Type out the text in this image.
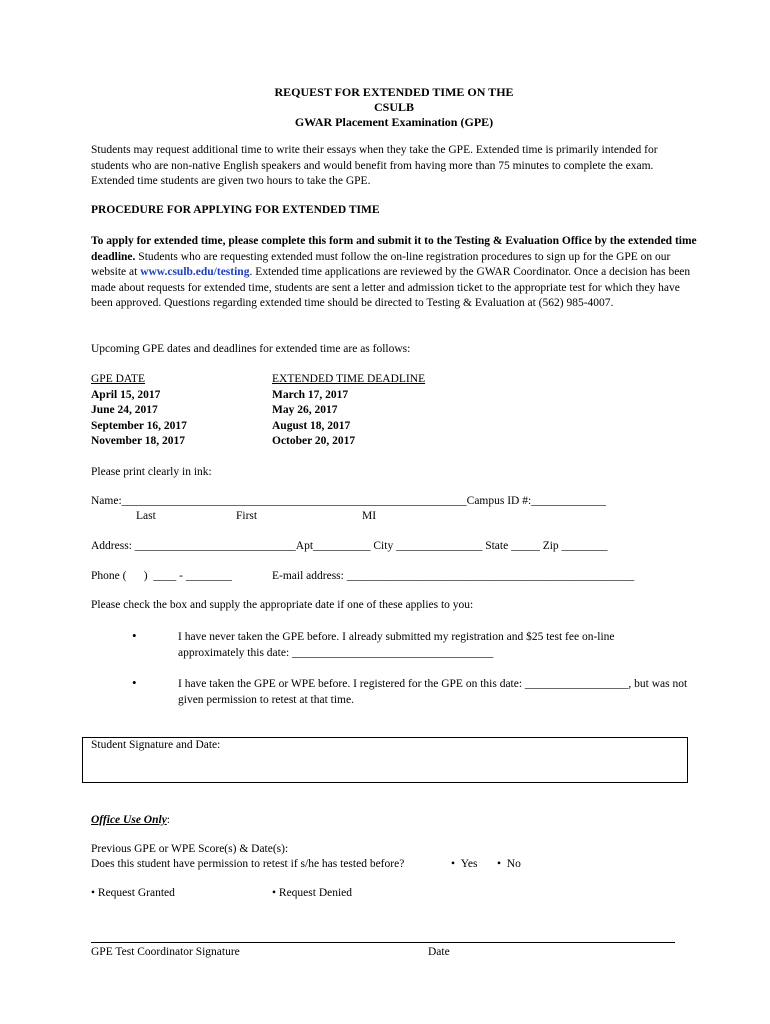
REQUEST FOR EXTENDED TIME ON THE
CSULB
GWAR Placement Examination (GPE)
Students may request additional time to write their essays when they take the GPE. Extended time is primarily intended for students who are non-native English speakers and would benefit from having more than 75 minutes to complete the exam. Extended time students are given two hours to take the GPE.
PROCEDURE FOR APPLYING FOR EXTENDED TIME
To apply for extended time, please complete this form and submit it to the Testing & Evaluation Office by the extended time deadline. Students who are requesting extended must follow the on-line registration procedures to sign up for the GPE on our website at www.csulb.edu/testing. Extended time applications are reviewed by the GWAR Coordinator. Once a decision has been made about requests for extended time, students are sent a letter and admission ticket to the appropriate test for which they have been approved. Questions regarding extended time should be directed to Testing & Evaluation at (562) 985-4007.
Upcoming GPE dates and deadlines for extended time are as follows:
GPE DATE	EXTENDED TIME DEADLINE
April 15, 2017	March 17, 2017
June 24, 2017	May 26, 2017
September 16, 2017	August 18, 2017
November 18, 2017	October 20, 2017
Please print clearly in ink:
Name:____________________________________________________________Campus ID #:_____________
Last	First	MI
Address: ____________________________Apt__________ City _______________ State _____ Zip ________
Phone (      )  ____ - ________	E-mail address: __________________________________________________
Please check the box and supply the appropriate date if one of these applies to you:
•	I have never taken the GPE before. I already submitted my registration and $25 test fee on-line approximately this date: ___________________________________
•	I have taken the GPE or WPE before. I registered for the GPE on this date: __________________, but was not given permission to retest at that time.
Student Signature and Date:
Office Use Only:
Previous GPE or WPE Score(s) & Date(s):
Does this student have permission to retest if s/he has tested before?	• Yes • No
• Request Granted	• Request Denied
GPE Test Coordinator Signature	Date
